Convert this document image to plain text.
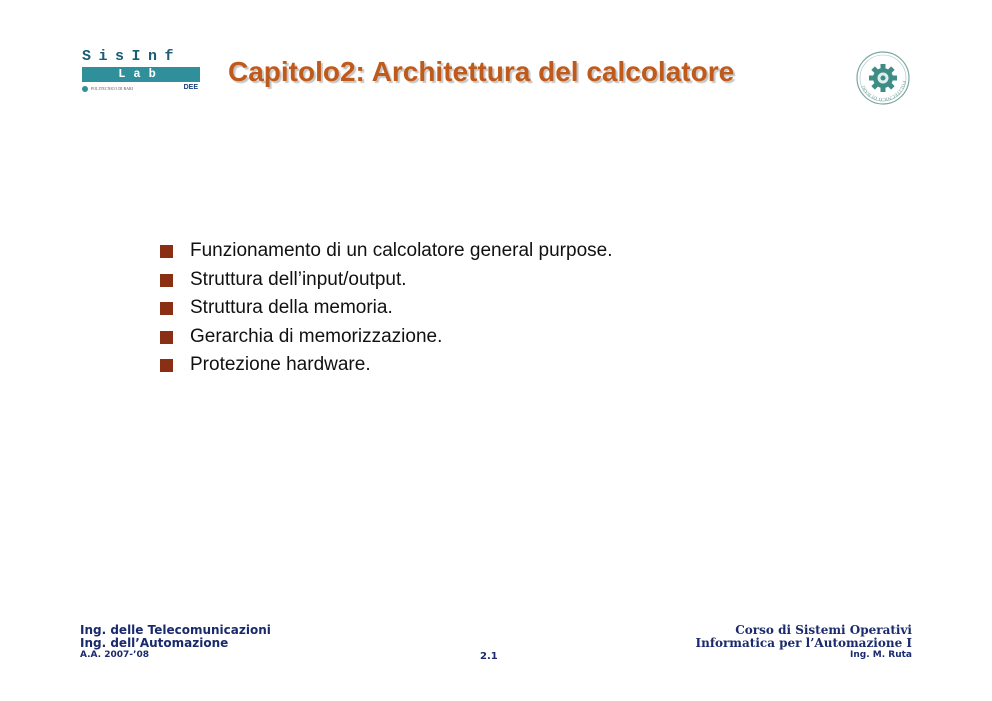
SisInf
Lab
POLITECNICO DI BARI	DEE
Capitolo2: Architettura del calcolatore	POLITECNICO DI BARI
Funzionamento di un calcolatore general purpose.
Struttura dell’input/output.
Struttura della memoria.
Gerarchia di memorizzazione.
Protezione hardware.
Ing. delle Telecomunicazioni
Ing. dell’Automazione
A.A. 2007-’08	2.1
Corso di Sistemi Operativi
Informatica per l’Automazione I
Ing. M. Ruta
